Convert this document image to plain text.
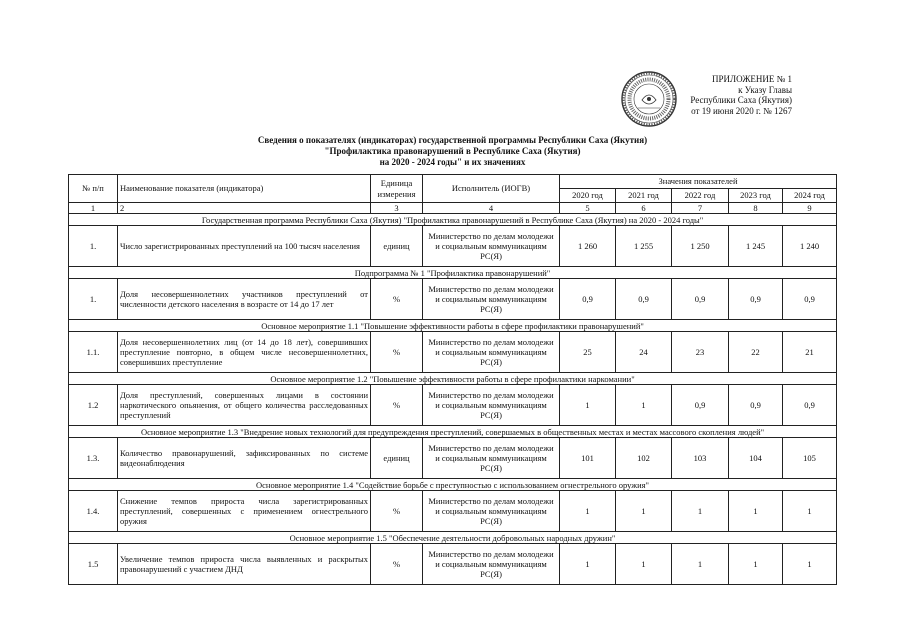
ПРИЛОЖЕНИЕ № 1
к Указу Главы
Республики Саха (Якутия)
от 19 июня 2020 г. № 1267
Сведения о показателях (индикаторах) государственной программы Республики Саха (Якутия)
"Профилактика правонарушений в Республике Саха (Якутия)
на 2020 - 2024 годы" и их значениях
№ п/п	Наименование показателя (индикатора)	Единица измерения	Исполнитель (ИОГВ)	Значения показателей				
				2020 год	2021 год	2022 год	2023 год	2024 год
1	2	3	4	5	6	7	8	9
Государственная программа Республики Саха (Якутия) "Профилактика правонарушений в Республике Саха (Якутия) на 2020 - 2024 годы"								
1.	Число зарегистрированных преступлений на 100 тысяч населения	единиц	Министерство по делам молодежи и социальным коммуникациям РС(Я)	1 260	1 255	1 250	1 245	1 240
Подпрограмма № 1 "Профилактика правонарушений"								
1.	Доля несовершеннолетних участников преступлений от численности детского населения в возрасте от 14 до 17 лет	%	Министерство по делам молодежи и социальным коммуникациям РС(Я)	0,9	0,9	0,9	0,9	0,9
Основное мероприятие 1.1 "Повышение эффективности работы в сфере профилактики правонарушений"								
1.1.	Доля несовершеннолетних лиц (от 14 до 18 лет), совершивших преступление повторно, в общем числе несовершеннолетних, совершивших преступление	%	Министерство по делам молодежи и социальным коммуникациям РС(Я)	25	24	23	22	21
Основное мероприятие 1.2 "Повышение эффективности работы в сфере профилактики наркомании"								
1.2	Доля преступлений, совершенных лицами в состоянии наркотического опьянения, от общего количества расследованных преступлений	%	Министерство по делам молодежи и социальным коммуникациям РС(Я)	1	1	0,9	0,9	0,9
Основное мероприятие 1.3 "Внедрение новых технологий для предупреждения преступлений, совершаемых в общественных местах и местах массового скопления людей"								
1.3.	Количество правонарушений, зафиксированных по системе видеонаблюдения	единиц	Министерство по делам молодежи и социальным коммуникациям РС(Я)	101	102	103	104	105
Основное мероприятие 1.4 "Содействие борьбе с преступностью с использованием огнестрельного оружия"								
1.4.	Снижение темпов прироста числа зарегистрированных преступлений, совершенных с применением огнестрельного оружия	%	Министерство по делам молодежи и социальным коммуникациям РС(Я)	1	1	1	1	1
Основное мероприятие 1.5 "Обеспечение деятельности добровольных народных дружин"								
1.5	Увеличение темпов прироста числа выявленных и раскрытых правонарушений с участием ДНД	%	Министерство по делам молодежи и социальным коммуникациям РС(Я)	1	1	1	1	1
